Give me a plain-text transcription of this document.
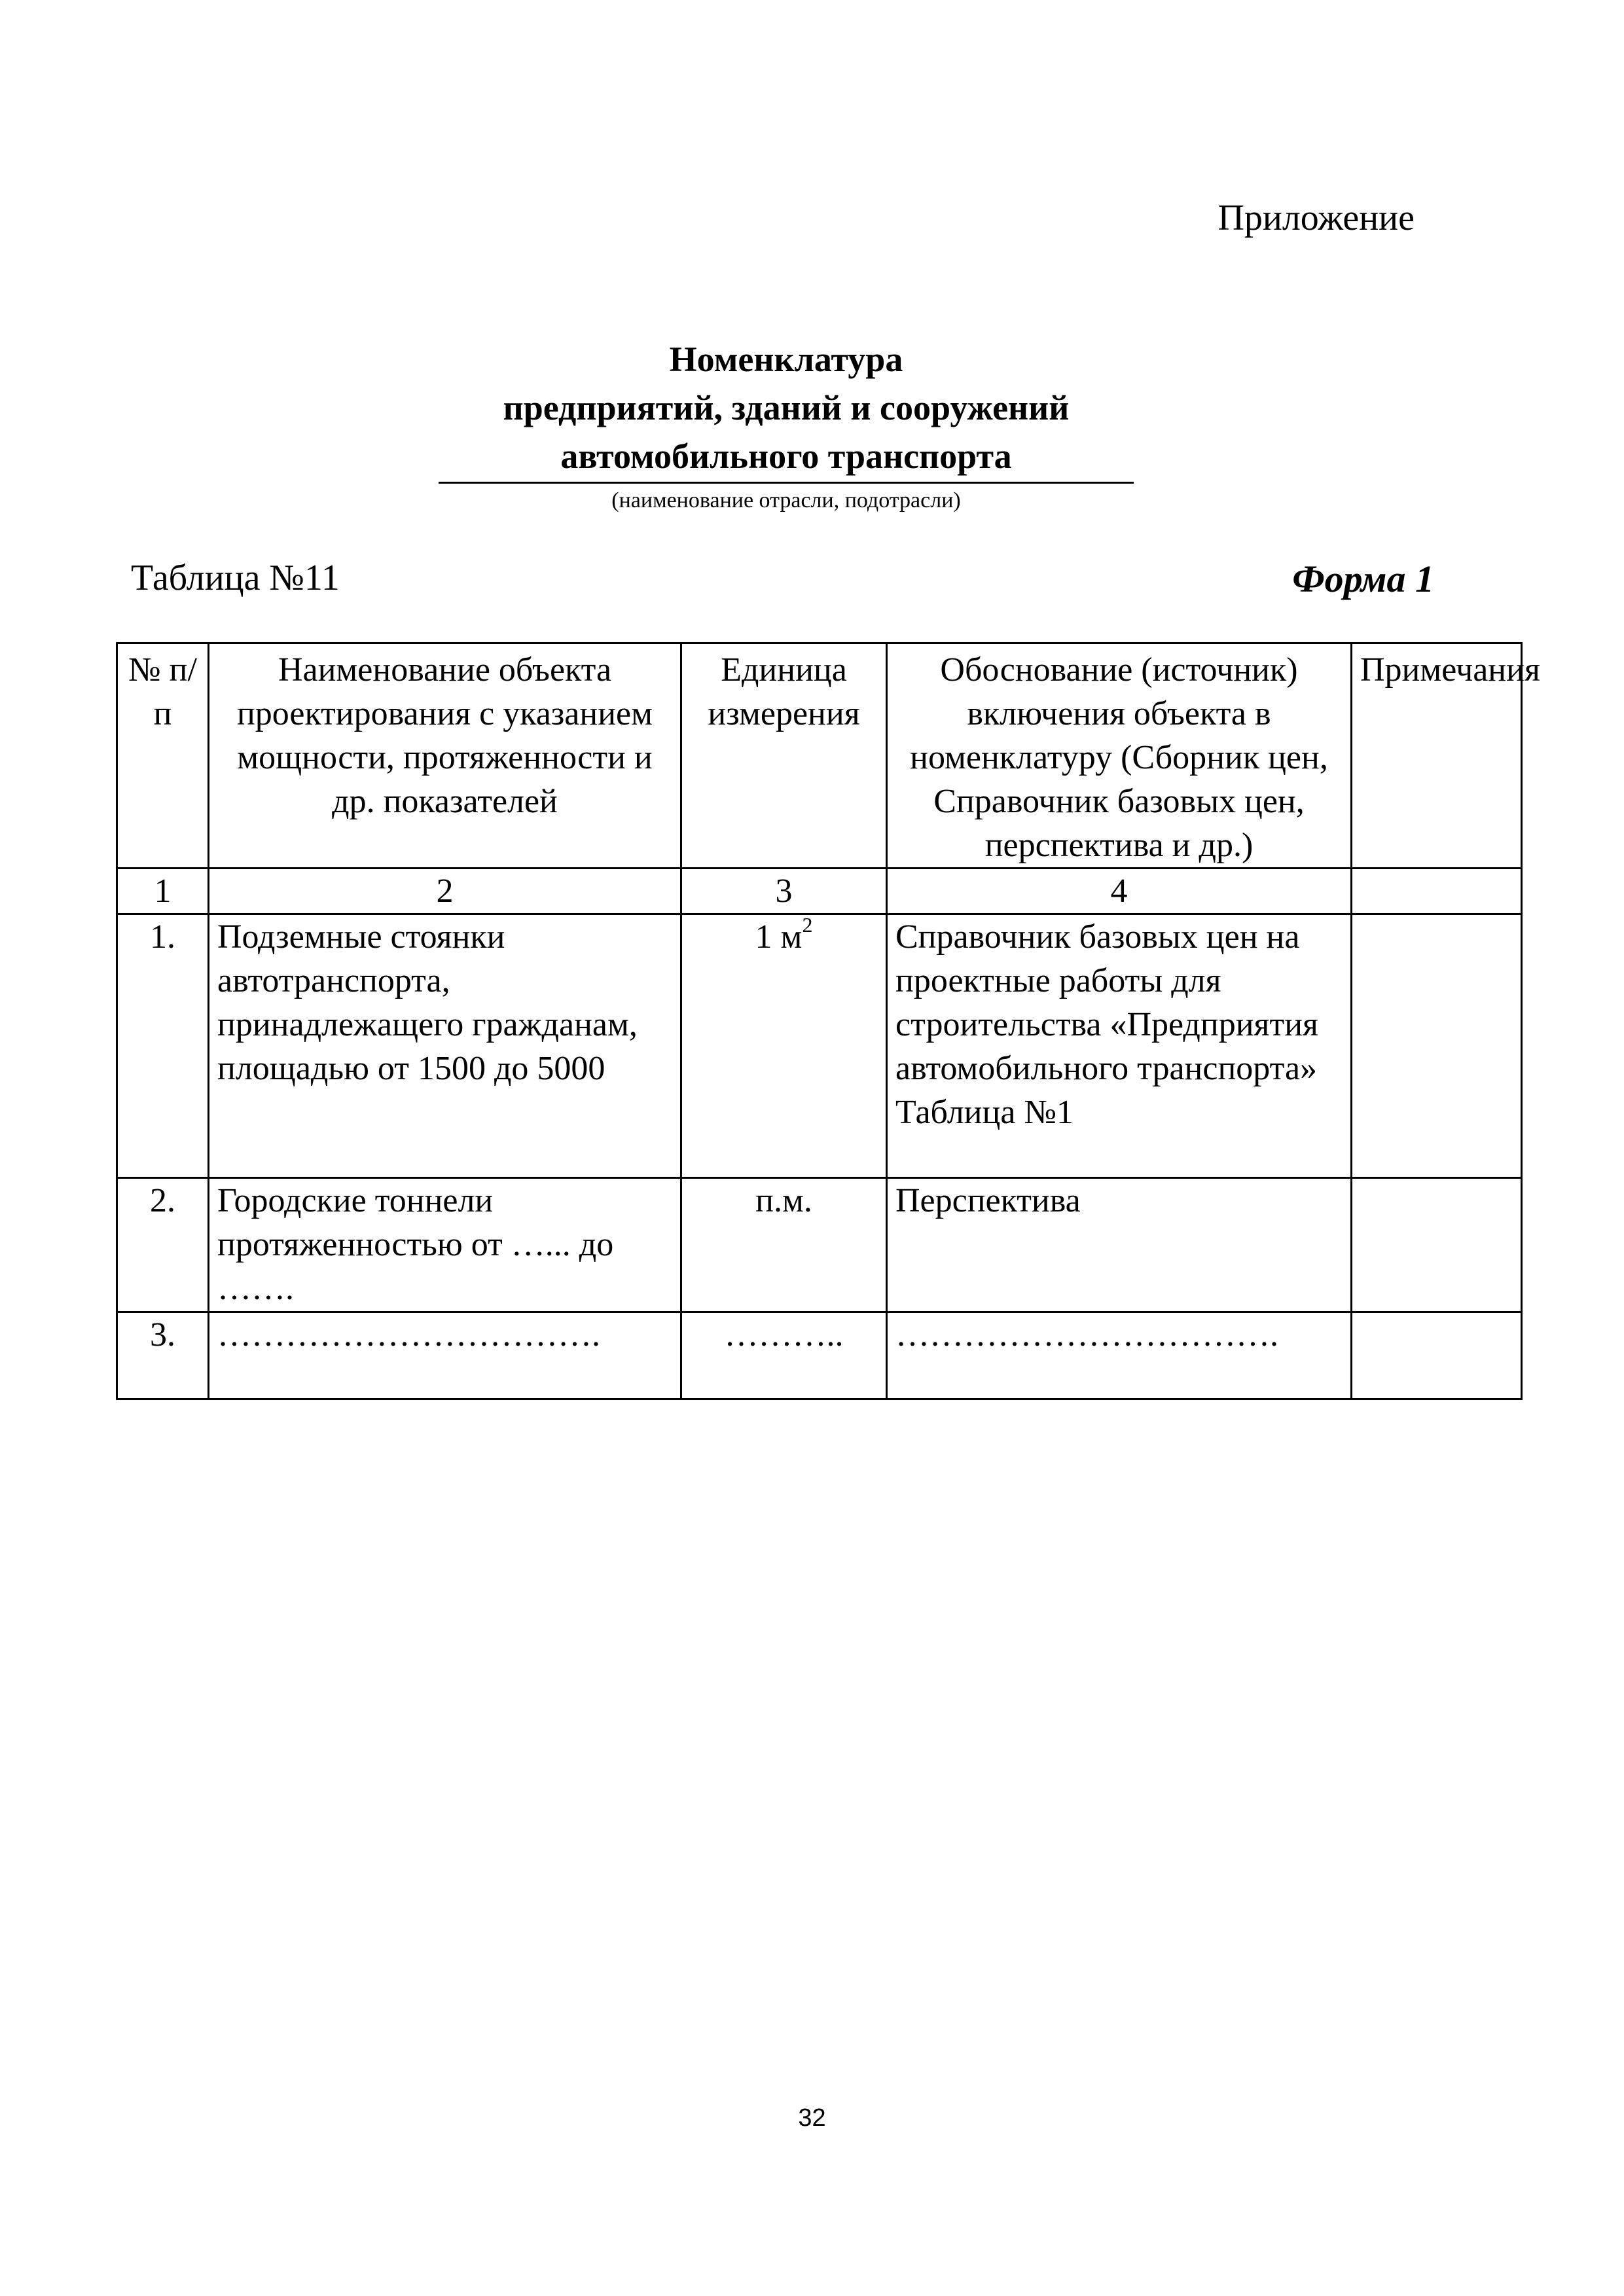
Приложение
Номенклатура
предприятий, зданий и сооружений
автомобильного транспорта
(наименование отрасли, подотрасли)
Таблица №11	Форма 1
№ п/п	Наименование объекта проектирования с указанием мощности, протяженности и др. показателей	Единица измерения	Обоснование (источник) включения объекта в номенклатуру (Сборник цен, Справочник базовых цен, перспектива и др.)	Примечания
1	2	3	4	
1.	Подземные стоянки автотранспорта, принадлежащего гражданам, площадью от 1500 до 5000	1 $м^2$	Справочник базовых цен на проектные работы для строительства «Предприятия автомобильного транспорта» Таблица №1	
2.	Городские тоннели протяженностью от …... до …….	п.м.	Перспектива	
3.	…………………………….	………..	…………………………….	
32
